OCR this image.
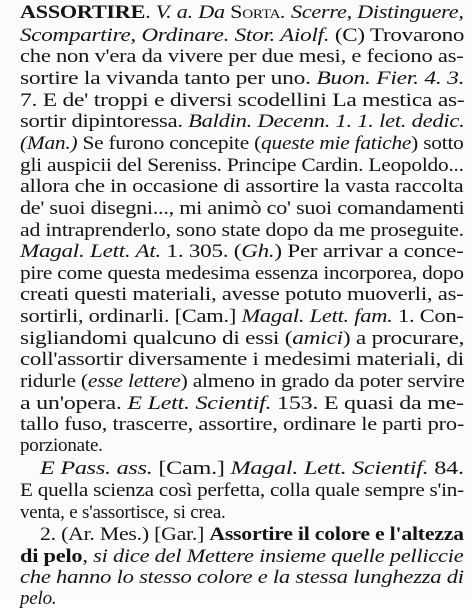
ASSORTIRE. V. a. Da Sorta. Scerre, Distinguere,
Scompartire, Ordinare. Stor. Aiolf. (C) Trovarono
che non v'era da vivere per due mesi, e feciono as-
sortire la vivanda tanto per uno. Buon. Fier. 4. 3.
7. E de' troppi e diversi scodellini La mestica as-
sortir dipintoressa. Baldin. Decenn. 1. 1. let. dedic.
(Man.) Se furono concepite (queste mie fatiche) sotto
gli auspicii del Sereniss. Principe Cardin. Leopoldo...
allora che in occasione di assortire la vasta raccolta
de' suoi disegni..., mi animò co' suoi comandamenti
ad intraprenderlo, sono state dopo da me proseguite.
Magal. Lett. At. 1. 305. (Gh.) Per arrivar a conce-
pire come questa medesima essenza incorporea, dopo
creati questi materiali, avesse potuto muoverli, as-
sortirli, ordinarli. [Cam.] Magal. Lett. fam. 1. Con-
sigliandomi qualcuno di essi (amici) a procurare,
coll'assortir diversamente i medesimi materiali, di
ridurle (esse lettere) almeno in grado da poter servire
a un'opera. E Lett. Scientif. 153. E quasi da me-
tallo fuso, trascerre, assortire, ordinare le parti pro-
porzionate.
E Pass. ass. [Cam.] Magal. Lett. Scientif. 84.
E quella scienza così perfetta, colla quale sempre s'in-
venta, e s'assortisce, si crea.
2. (Ar. Mes.) [Gar.] Assortire il colore e l'altezza
di pelo, si dice del Mettere insieme quelle pelliccie
che hanno lo stesso colore e la stessa lunghezza di
pelo.
